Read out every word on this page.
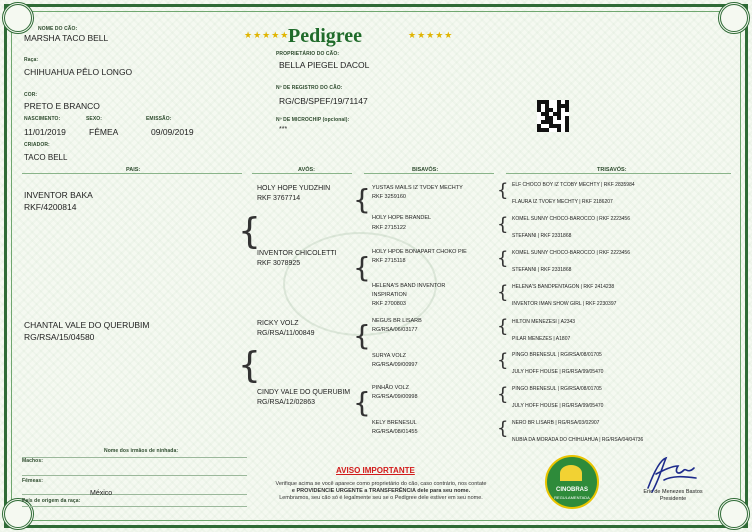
★★★★★
Pedigree	★★★★★
NOME DO CÃO:
MARSHA TACO BELL
Raça:
CHIHUAHUA PÊLO LONGO
COR:
PRETO E BRANCO
NASCIMENTO:	SEXO:	EMISSÃO:
11/01/2019	FÊMEA	09/09/2019
CRIADOR:
TACO BELL
PROPRIETÁRIO DO CÃO:
BELLA PIEGEL DACOL
Nº DE REGISTRO DO CÃO:
RG/CB/SPEF/19/71147
Nº DE MICROCHIP (opcional):
***
PAIS:	AVÓS:	BISAVÓS:	TRISAVÓS:
INVENTOR BAKA
RKF/4200814
CHANTAL VALE DO QUERUBIM
RG/RSA/15/04580
{
{
HOLY HOPE YUDZHIN
RKF 3767714
INVENTOR CHICOLETTI
RKF 3078925
RICKY VOLZ
RG/RSA/11/00849
CINDY VALE DO QUERUBIM
RG/RSA/12/02863
{
{
{
{
YUSTAS MAILS IZ TVOEY MECHTY
RKF 3259160
HOLY HOPE BRANDEL
RKF 2715122
HOLY HPOE BONAPART CHOKO PIE
RKF 2715118
HELENA'S BAND INVENTOR
INSPIRATION
RKF 2700803
NEGUS BR LISARB
RG/RSA/06/03177
SURYA VOLZ
RG/RSA/09/00997
PINHÃO VOLZ
RG/RSA/09/00998
KELY BRENESUL
RG/RSA/08/01455
{
{
{
{
{
{
{
{
ELF CHOCO BOY IZ TCOBY MECHTY | RKF 2835984
FLAURA IZ TVOEY MECHTY | RKF 2186207
KOMEL SUNNY CHOCO-BAROCCO | RKF 2223456
STEFANNI | RKF 2331868
KOMEL SUNNY CHOCO-BAROCCO | RKF 2223456
STEFANNI | RKF 2331868
HELENA'S BANDPENTAGON | RKF 2414238
INVENTOR IMAN SHOW GIRL | RKF 2230397
HILTON MENEZESI | A2343
PILAR MENEZES | A1807
PINGO BRENESUL | RG/RSA/08/01705
JULY HOFF HOUSE | RG/RSA/99/05470
PINGO BRENESUL | RG/RSA/08/01705
JULY HOFF HOUSE | RG/RSA/99/05470
NERO BR LISARB | RG/RSA/03/02907
NUBIA DA MORADA DO CHIHUAHUA | RG/RSA/04/04736
Nome dos irmãos de ninhada:
Machos:
Fêmeas:
País de origem da raça:
México
AVISO IMPORTANTE
Verifique acima se você aparece como proprietário do cão, caso contrário, nos contate
e PROVIDENCIE URGENTE a TRANSFERÊNCIA dele para seu nome.
Lembramos, seu cão só é legalmente seu se o Pedigree dele estiver em seu nome.
CINOBRAS
REGULAMENTADA
Eric de Menezes Bastos
Presidente
